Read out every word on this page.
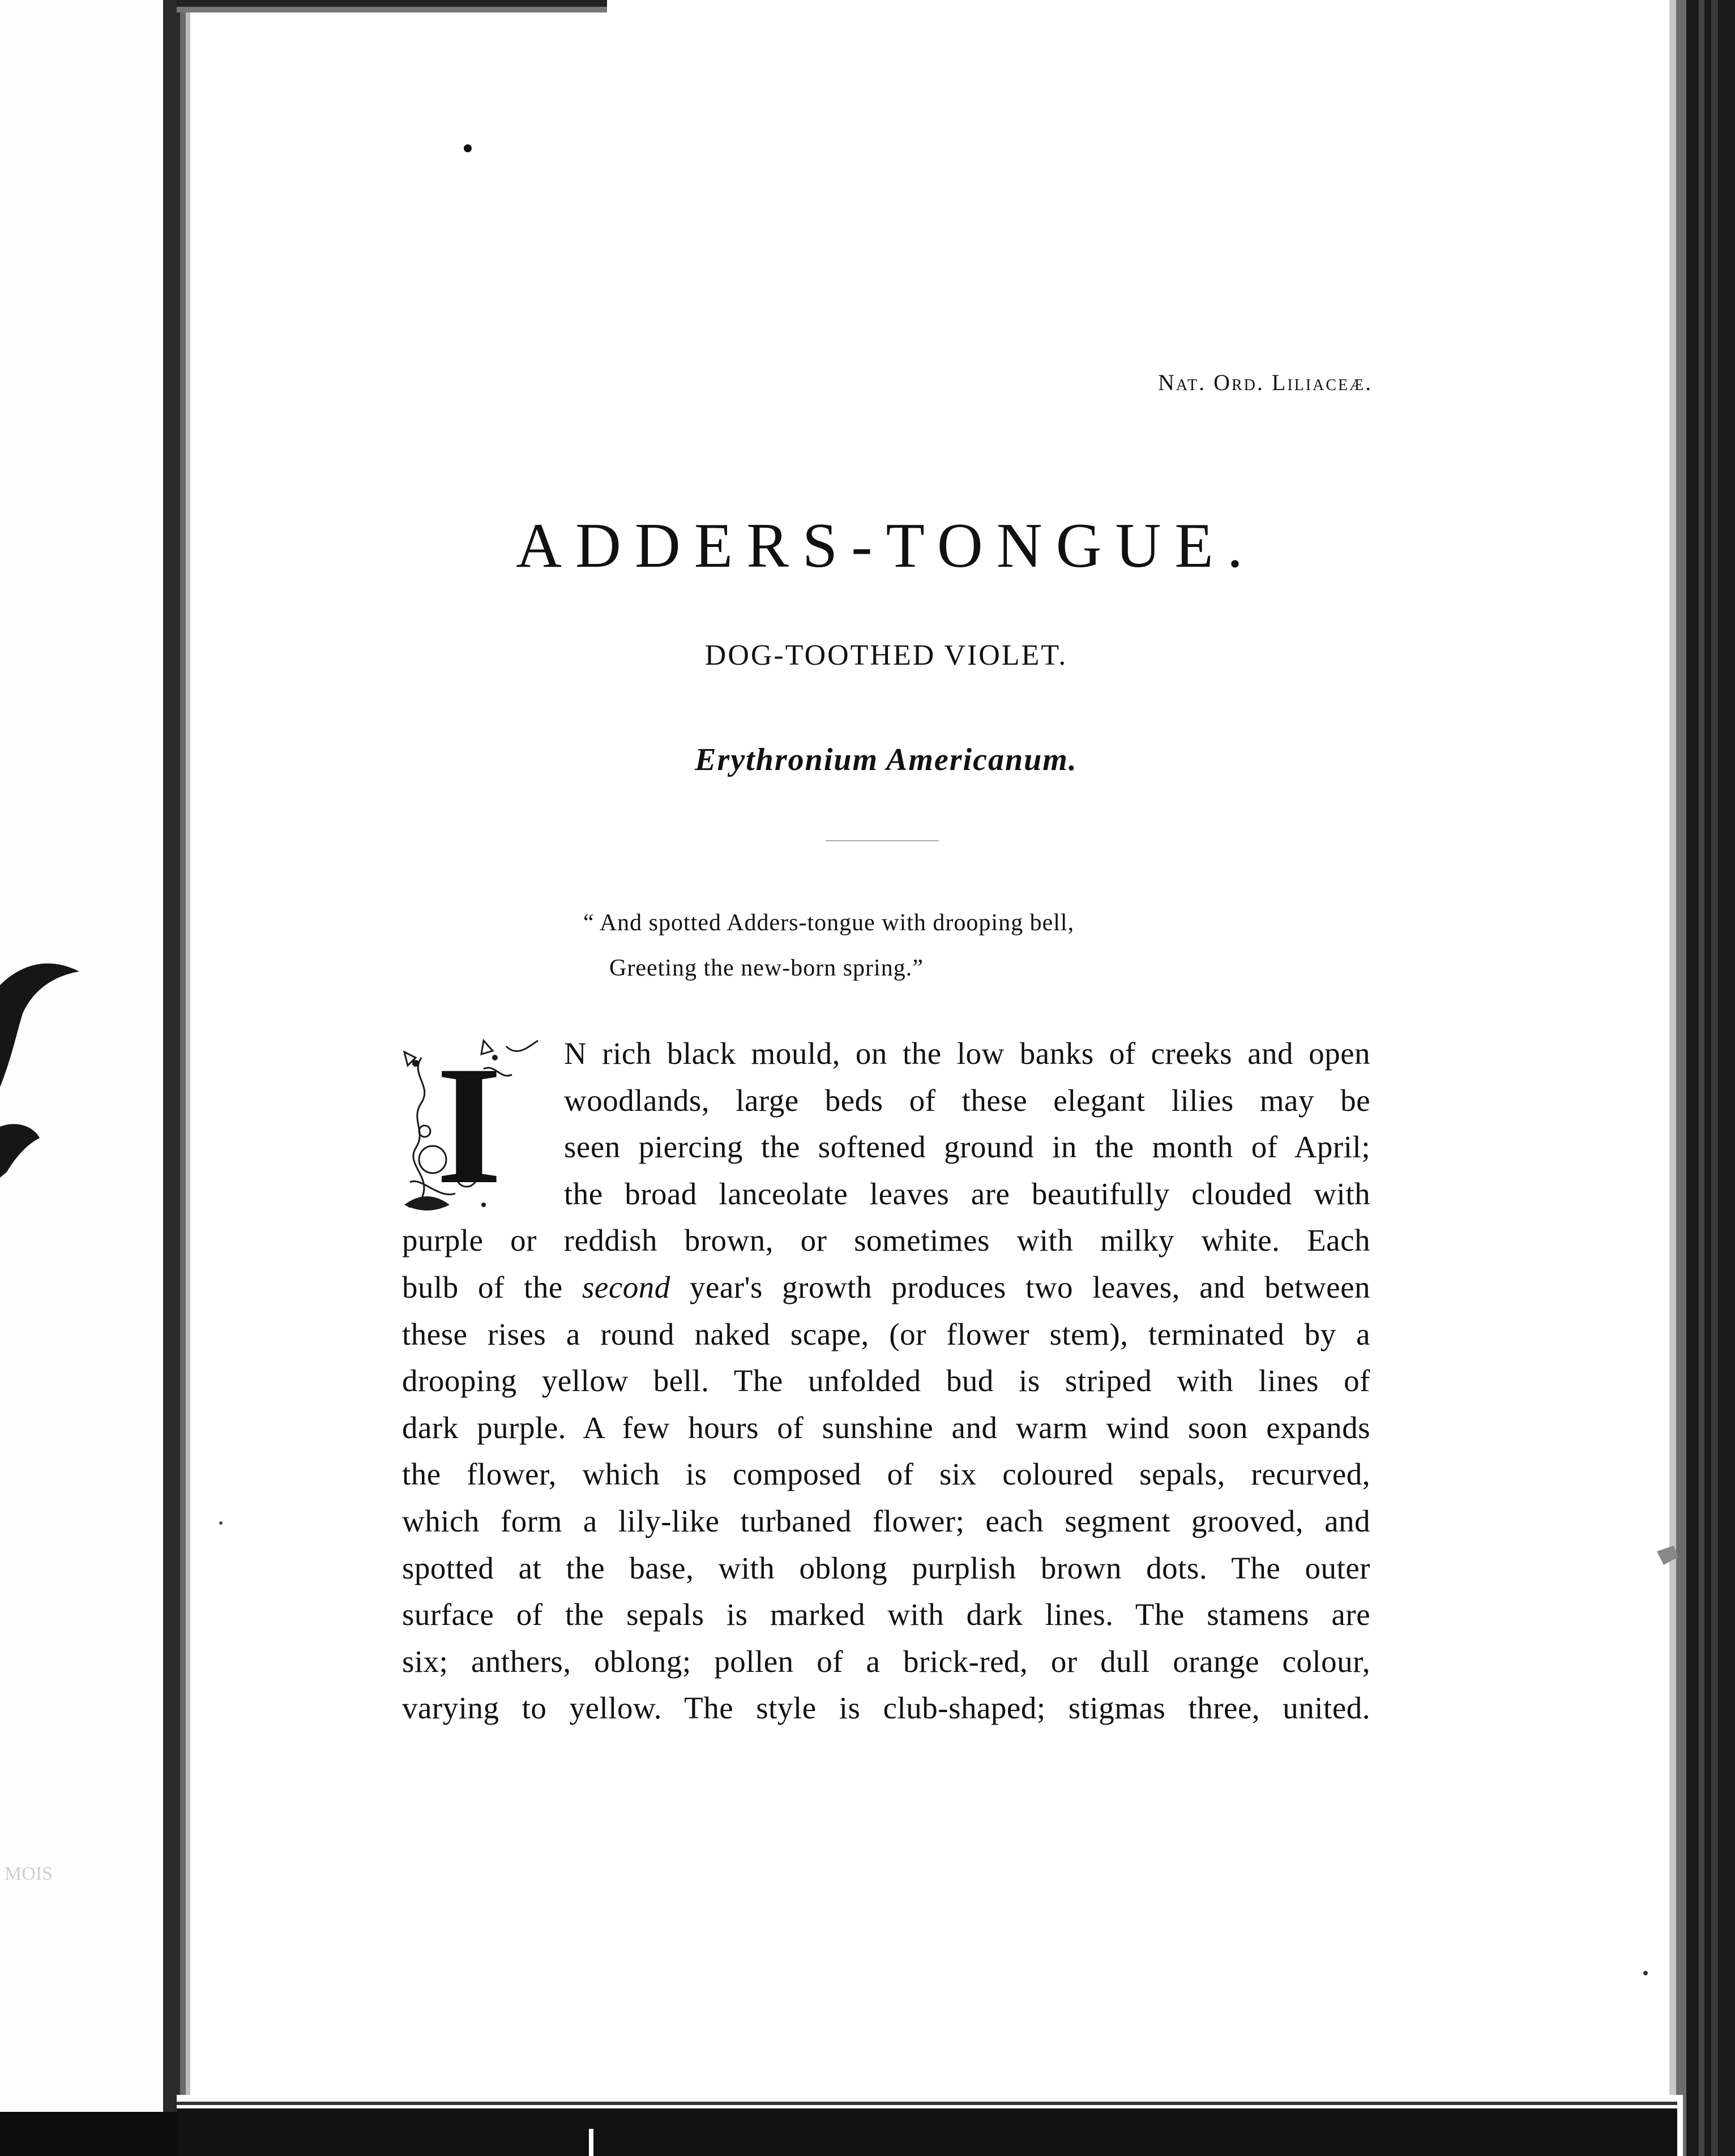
MOIS
Nat. Ord. Liliaceæ.
ADDERS-TONGUE.
DOG-TOOTHED VIOLET.
Erythronium Americanum.
“ And spotted Adders-tongue with drooping bell,
Greeting the new-born spring.”
I N rich black mould, on the low banks of creeks and open
woodlands, large beds of these elegant lilies may be
seen piercing the softened ground in the month of April;
the broad lanceolate leaves are beautifully clouded with
purple or reddish brown, or sometimes with milky white. Each
bulb of the second year's growth produces two leaves, and between
these rises a round naked scape, (or flower stem), terminated by a
drooping yellow bell. The unfolded bud is striped with lines of
dark purple. A few hours of sunshine and warm wind soon expands
the flower, which is composed of six coloured sepals, recurved,
which form a lily-like turbaned flower; each segment grooved, and
spotted at the base, with oblong purplish brown dots. The outer
surface of the sepals is marked with dark lines. The stamens are
six; anthers, oblong; pollen of a brick-red, or dull orange colour,
varying to yellow. The style is club-shaped; stigmas three, united.
